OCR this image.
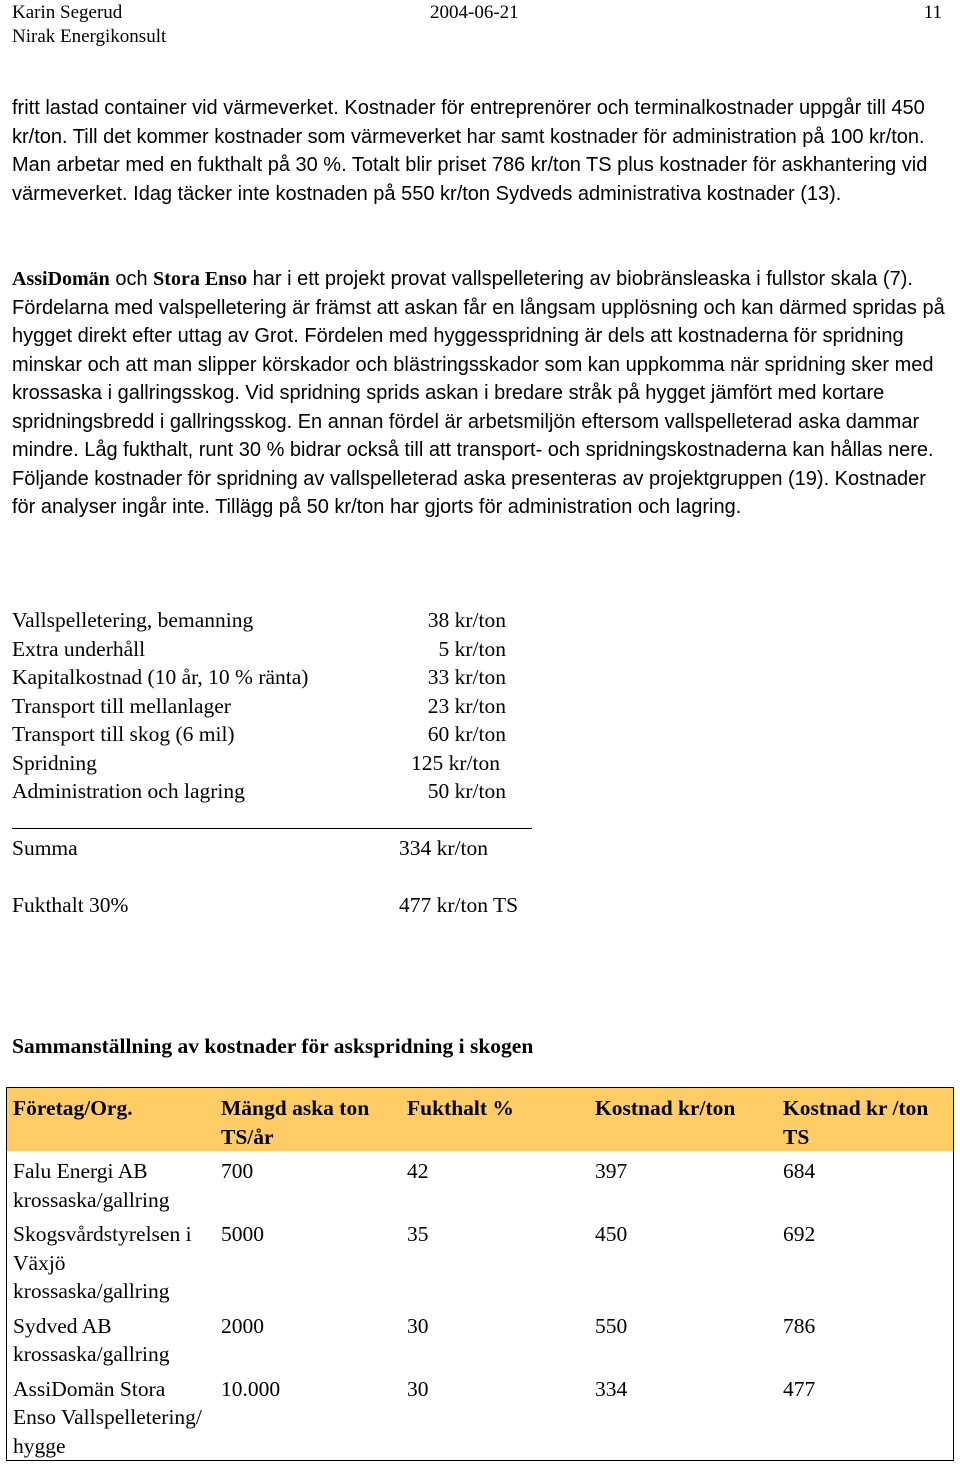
Karin Segerud
Nirak Energikonsult
2004-06-21	11
fritt lastad container vid värmeverket. Kostnader för entreprenörer och terminalkostnader uppgår till 450 kr/ton. Till det kommer kostnader som värmeverket har samt kostnader för administration på 100 kr/ton. Man arbetar med en fukthalt på 30 %. Totalt blir priset 786 kr/ton TS plus kostnader för askhantering vid värmeverket. Idag täcker inte kostnaden på 550 kr/ton Sydveds administrativa kostnader (13).
AssiDomän och Stora Enso har i ett projekt provat vallspelletering av biobränsleaska i fullstor skala (7). Fördelarna med valspelletering är främst att askan får en långsam upplösning och kan därmed spridas på hygget direkt efter uttag av Grot. Fördelen med hyggesspridning är dels att kostnaderna för spridning minskar och att man slipper körskador och blästringsskador som kan uppkomma när spridning sker med krossaska i gallringsskog. Vid spridning sprids askan i bredare stråk på hygget jämfört med kortare spridningsbredd i gallringsskog. En annan fördel är arbetsmiljön eftersom vallspelleterad aska dammar mindre. Låg fukthalt, runt 30 % bidrar också till att transport- och spridningskostnaderna kan hållas nere. Följande kostnader för spridning av vallspelleterad aska presenteras av projektgruppen (19). Kostnader för analyser ingår inte. Tillägg på 50 kr/ton har gjorts för administration och lagring.
Vallspelletering, bemanning	38 kr/ton
Extra underhåll	5 kr/ton
Kapitalkostnad (10 år, 10 % ränta)	33 kr/ton
Transport till mellanlager	23 kr/ton
Transport till skog (6 mil)	60 kr/ton
Spridning	125 kr/ton
Administration och lagring	50 kr/ton
Summa	334 kr/ton
Fukthalt 30%	477 kr/ton TS
Sammanställning av kostnader för askspridning i skogen
Företag/Org.	Mängd aska ton TS/år	Fukthalt %	Kostnad kr/ton	Kostnad kr /ton TS
Falu Energi AB krossaska/gallring	700	42	397	684
Skogsvårdstyrelsen i Växjö krossaska/gallring	5000	35	450	692
Sydved AB krossaska/gallring	2000	30	550	786
AssiDomän Stora Enso Vallspelletering/ hygge	10.000	30	334	477
